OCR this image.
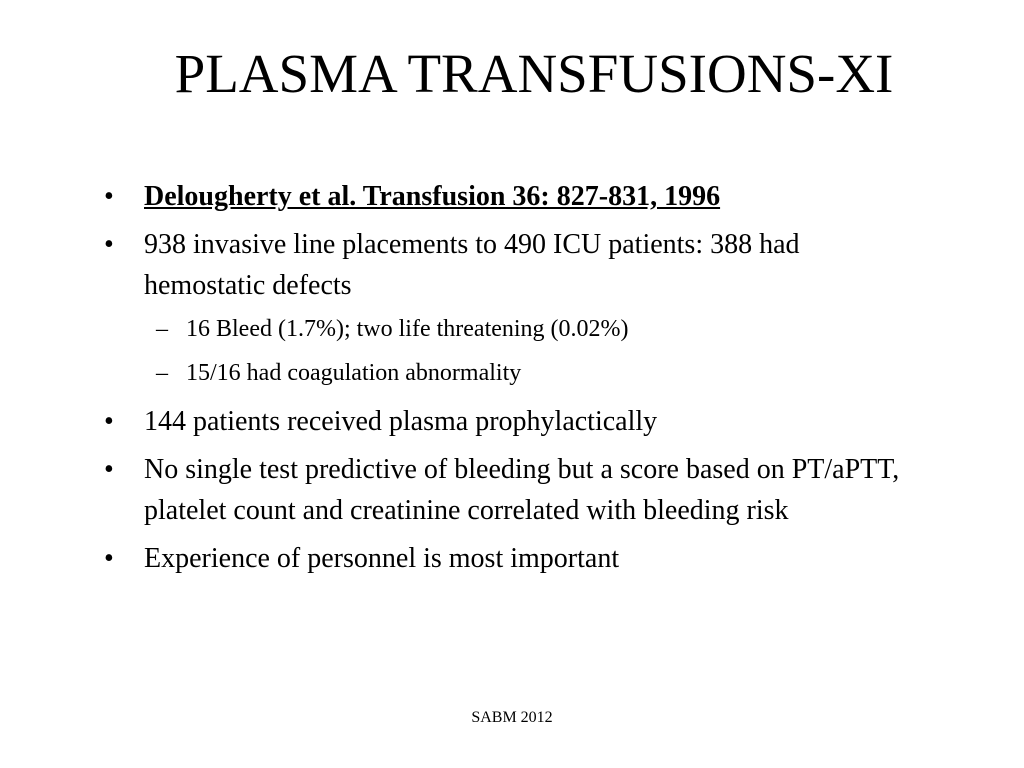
PLASMA TRANSFUSIONS-XI
•	Delougherty et al. Transfusion 36: 827-831, 1996
•	938 invasive line placements to 490 ICU patients: 388 had hemostatic defects
– 16 Bleed (1.7%); two life threatening (0.02%)
– 15/16 had coagulation abnormality
•	144 patients received plasma prophylactically
•	No single test predictive of bleeding but a score based on PT/aPTT, platelet count and creatinine correlated with bleeding risk
•	Experience of personnel is most important
SABM 2012
